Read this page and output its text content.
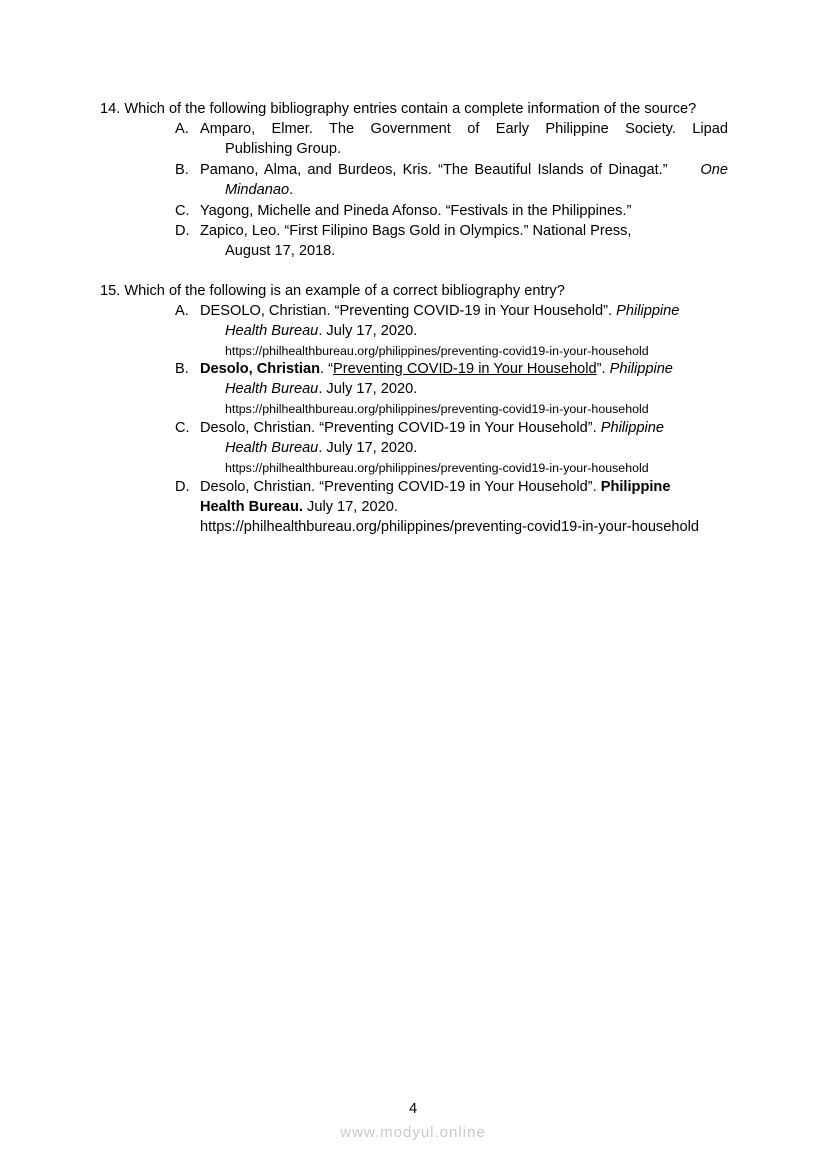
14. Which of the following bibliography entries contain a complete information of the source?
A. Amparo, Elmer. The Government of Early Philippine Society. Lipad
Publishing Group.
B. Pamano, Alma, and Burdeos, Kris. “The Beautiful Islands of Dinagat.” One
Mindanao.
C. Yagong, Michelle and Pineda Afonso. “Festivals in the Philippines.”
D. Zapico, Leo. “First Filipino Bags Gold in Olympics.” National Press,
August 17, 2018.
15. Which of the following is an example of a correct bibliography entry?
A. DESOLO, Christian. “Preventing COVID-19 in Your Household”. Philippine
Health Bureau. July 17, 2020.
https://philhealthbureau.org/philippines/preventing-covid19-in-your-household
B. Desolo, Christian. “Preventing COVID-19 in Your Household”. Philippine
Health Bureau. July 17, 2020.
https://philhealthbureau.org/philippines/preventing-covid19-in-your-household
C. Desolo, Christian. “Preventing COVID-19 in Your Household”. Philippine
Health Bureau. July 17, 2020.
https://philhealthbureau.org/philippines/preventing-covid19-in-your-household
D. Desolo, Christian. “Preventing COVID-19 in Your Household”. Philippine
Health Bureau. July 17, 2020.
https://philhealthbureau.org/philippines/preventing-covid19-in-your-household
4
www.modyul.online
